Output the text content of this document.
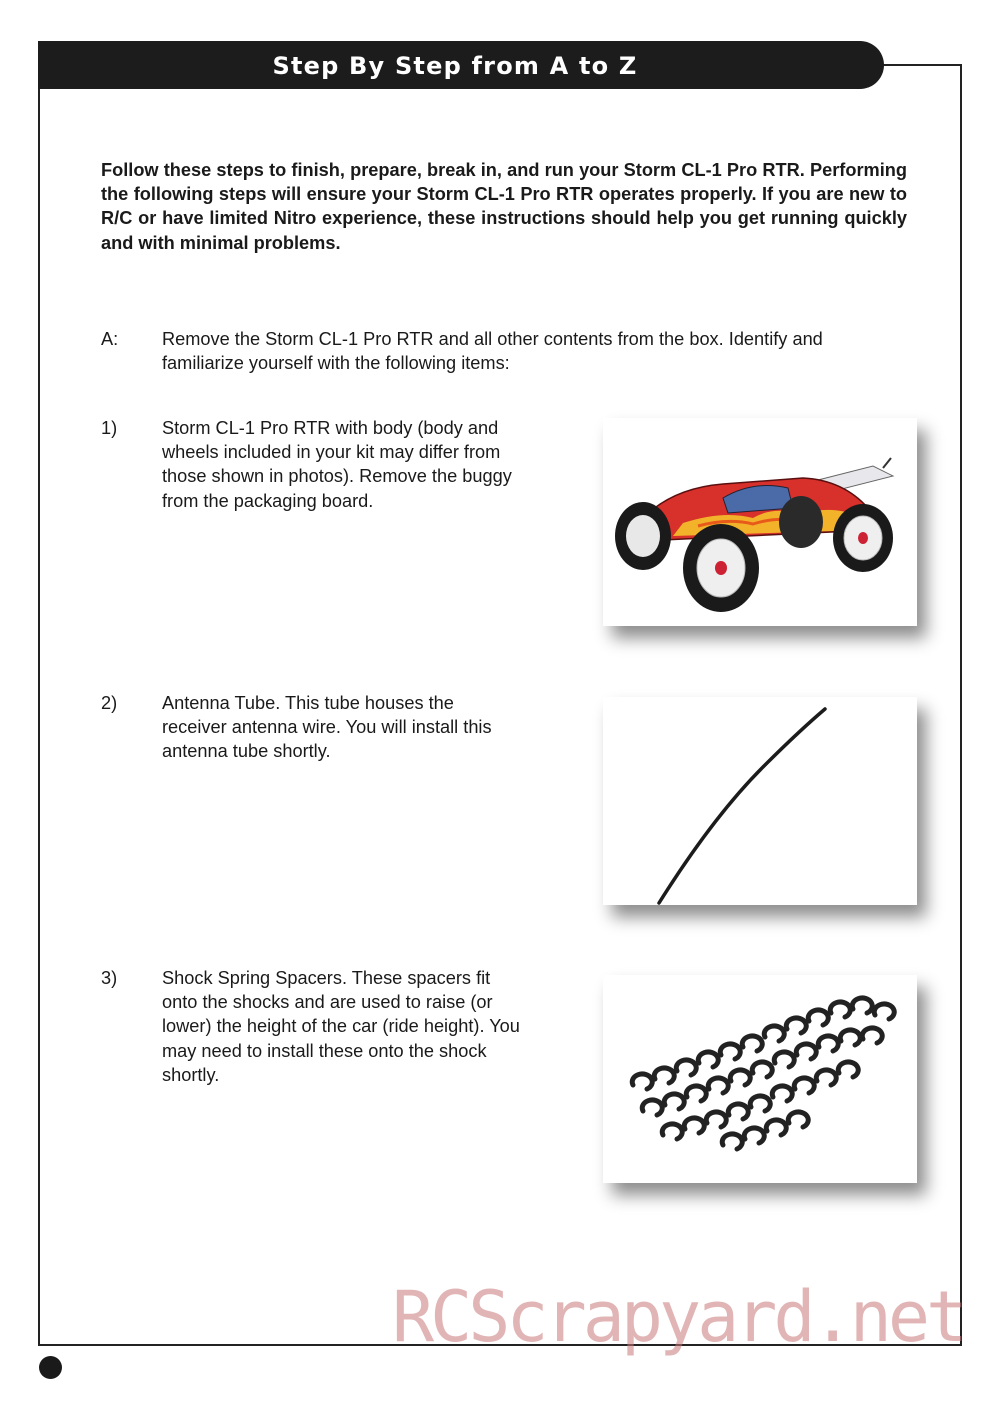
Step By Step from A to Z
Follow these steps to finish, prepare, break in, and run your Storm CL-1 Pro RTR. Performing the following steps will ensure your Storm CL-1 Pro RTR operates properly. If you are new to R/C or have limited Nitro experience, these instructions should help you get running quickly and with minimal problems.
A: Remove the Storm CL-1 Pro RTR and all other contents from the box. Identify and familiarize yourself with the following items:
1) Storm CL-1 Pro RTR with body (body and wheels included in your kit may differ from those shown in photos). Remove the buggy from the packaging board.
2) Antenna Tube. This tube houses the receiver antenna wire. You will install this antenna tube shortly.
3) Shock Spring Spacers. These spacers fit onto the shocks and are used to raise (or lower) the height of the car (ride height). You may need to install these onto the shock shortly.
RCScrapyard.net
